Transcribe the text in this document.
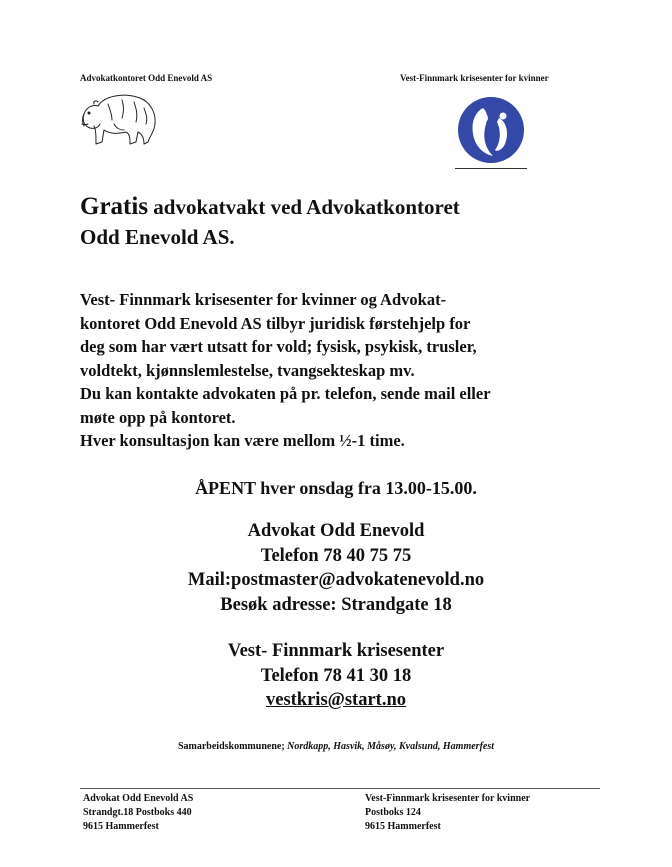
Advokatkontoret Odd Enevold AS	Vest-Finnmark krisesenter for kvinner
Gratis advokatvakt ved Advokatkontoret
Odd Enevold AS.
Vest- Finnmark krisesenter for kvinner og Advokat-
kontoret Odd Enevold AS tilbyr juridisk førstehjelp for
deg som har vært utsatt for vold; fysisk, psykisk, trusler,
voldtekt, kjønnslemlestelse, tvangsekteskap mv.
Du kan kontakte advokaten på pr. telefon, sende mail eller
møte opp på kontoret.
Hver konsultasjon kan være mellom ½-1 time.
ÅPENT hver onsdag fra 13.00-15.00.
Advokat Odd Enevold
Telefon 78 40 75 75
Mail:postmaster@advokatenevold.no
Besøk adresse: Strandgate 18
Vest- Finnmark krisesenter
Telefon 78 41 30 18
vestkris@start.no
Samarbeidskommunene; Nordkapp, Hasvik, Måsøy, Kvalsund, Hammerfest
Advokat Odd Enevold AS
Strandgt.18 Postboks 440
9615 Hammerfest
Vest-Finnmark krisesenter for kvinner
Postboks 124
9615 Hammerfest
